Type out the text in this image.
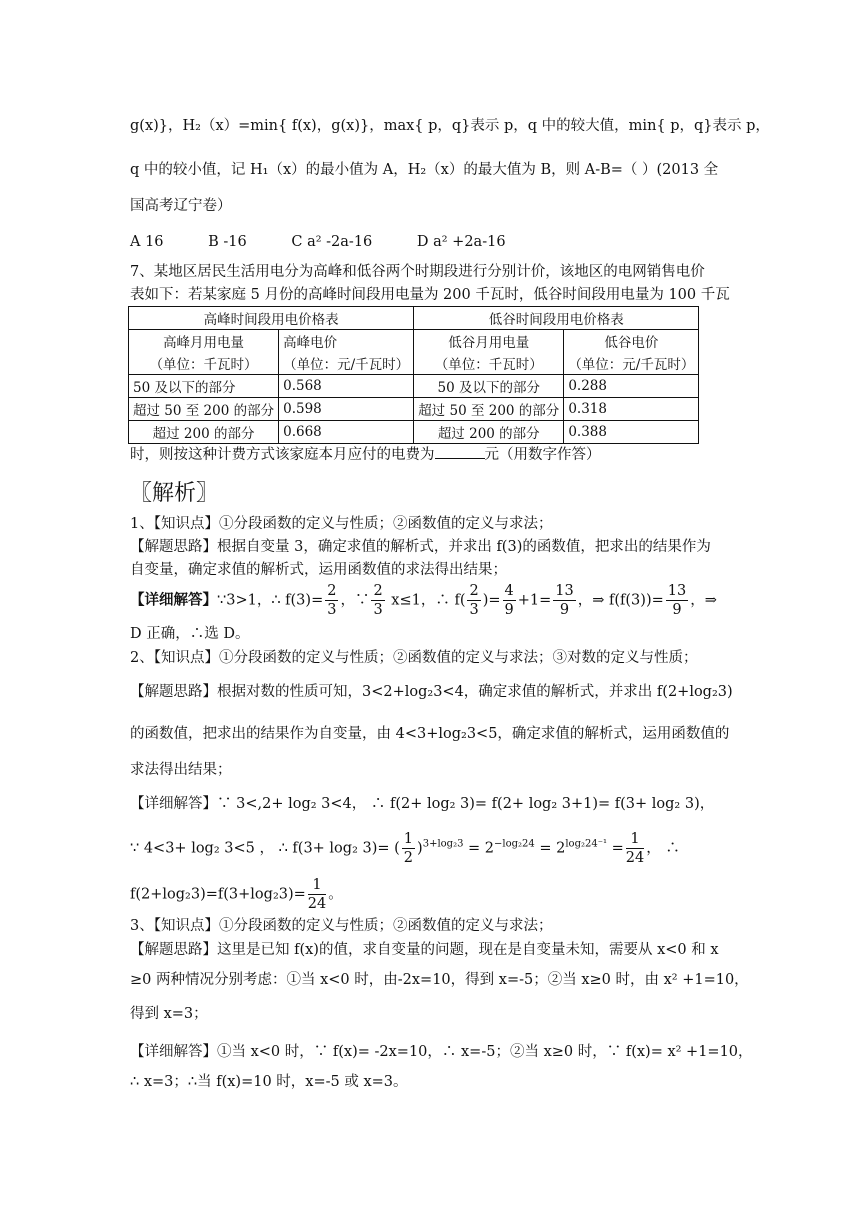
g(x)}，H₂（x）=min{ f(x)，g(x)}，max{ p，q}表示 p，q 中的较大值，min{ p，q}表示 p，
q 中的较小值，记 H₁（x）的最小值为 A，H₂（x）的最大值为 B，则 A-B=（ ）(2013 全
国高考辽宁卷）
A 16	B -16	C a² -2a-16	D a² +2a-16
7、某地区居民生活用电分为高峰和低谷两个时期段进行分别计价，该地区的电网销售电价
表如下：若某家庭 5 月份的高峰时间段用电量为 200 千瓦时，低谷时间段用电量为 100 千瓦
高峰时间段用电价格表		低谷时间段用电价格表	
高峰月用电量	高峰电价	低谷月用电量	低谷电价
（单位：千瓦时）	（单位：元/千瓦时）	（单位：千瓦时）	（单位：元/千瓦时）
50 及以下的部分	0.568	50 及以下的部分	0.288
超过 50 至 200 的部分	0.598	超过 50 至 200 的部分	0.318
超过 200 的部分	0.668	超过 200 的部分	0.388
时，则按这种计费方式该家庭本月应付的电费为	元（用数字作答）
〖解析〗
1、【知识点】①分段函数的定义与性质；②函数值的定义与求法；
【解题思路】根据自变量 3，确定求值的解析式，并求出 f(3)的函数值，把求出的结果作为
自变量，确定求值的解析式，运用函数值的求法得出结果；
【详细解答】∵3>1，∴ $f(3)= \frac{2}{3}$ ，∵ $\frac{2}{3} x\le 1$，∴ $f( \frac{2}{3}$ )= $\frac{4}{9} +1= \frac{13}{9}$ ，⇒ $f(f(3))= \frac{13}{9}$ ，⇒
D 正确，∴选 D。
2、【知识点】①分段函数的定义与性质；②函数值的定义与求法；③对数的定义与性质；
【解题思路】根据对数的性质可知，3<2+log₂3<4，确定求值的解析式，并求出 f(2+log₂3)
的函数值，把求出的结果作为自变量，由 4<3+log₂3<5，确定求值的解析式，运用函数值的
求法得出结果；
【详细解答】∵ 3<,2+ log₂ 3<4， ∴ f(2+ log₂ 3)= f(2+ log₂ 3+1)= f(3+ log₂ 3)，
∵ 4<3+ log₂ 3<5 ， ∴ f(3+ log₂ 3)= ( $\frac{1}{2} )^{3+log_23} = 2^{-log_224} = 2^{log_224^{-1}} = \frac{1}{24}$ ， ∴
$f(2+\log_23)=f(3+\log_23)= \frac{1}{24}$ 。
3、【知识点】①分段函数的定义与性质；②函数值的定义与求法；
【解题思路】这里是已知 f(x)的值，求自变量的问题，现在是自变量未知，需要从 x<0 和 x
≥0 两种情况分别考虑：①当 x<0 时，由-2x=10，得到 x=-5；②当 x≥0 时，由 x² +1=10，
得到 x=3；
【详细解答】①当 x<0 时，∵ f(x)= -2x=10，∴ x=-5；②当 x≥0 时，∵ f(x)= x² +1=10，
∴ x=3；∴当 f(x)=10 时，x=-5 或 x=3。
